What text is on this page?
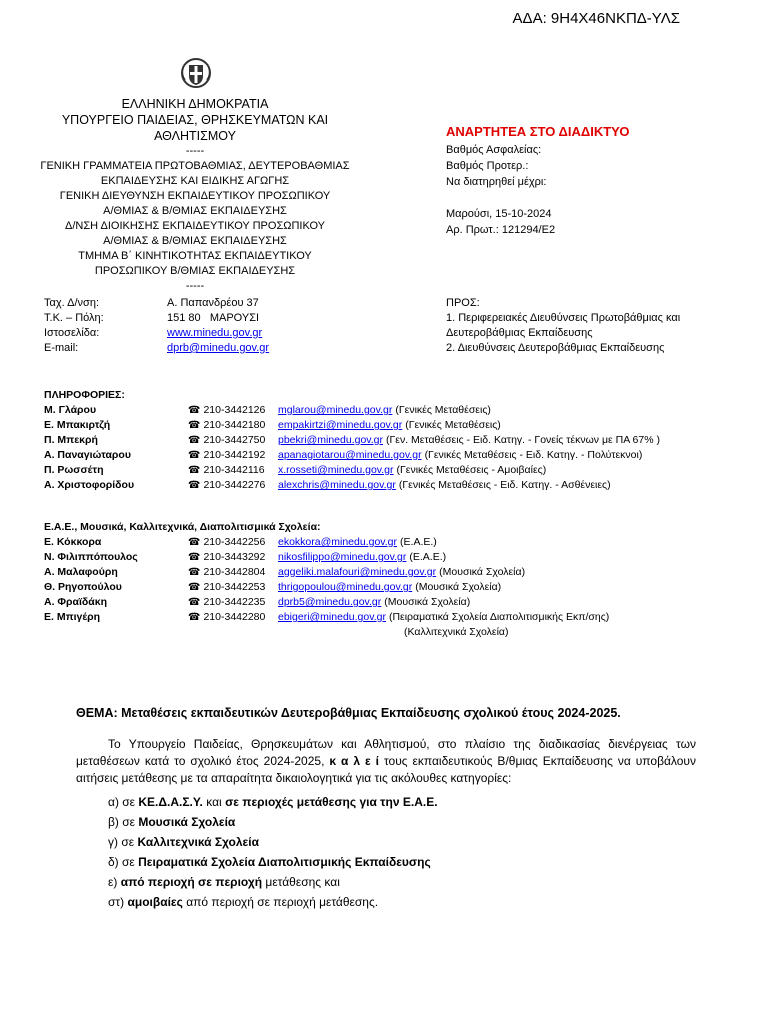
ΑΔΑ: 9Η4Χ46ΝΚΠΔ-ΥΛΣ
ΕΛΛΗΝΙΚΗ ΔΗΜΟΚΡΑΤΙΑ
ΥΠΟΥΡΓΕΙΟ ΠΑΙΔΕΙΑΣ, ΘΡΗΣΚΕΥΜΑΤΩΝ ΚΑΙ
ΑΘΛΗΤΙΣΜΟΥ
-----
ΓΕΝΙΚΗ ΓΡΑΜΜΑΤΕΙΑ ΠΡΩΤΟΒΑΘΜΙΑΣ, ΔΕΥΤΕΡΟΒΑΘΜΙΑΣ
ΕΚΠΑΙΔΕΥΣΗΣ ΚΑΙ ΕΙΔΙΚΗΣ ΑΓΩΓΗΣ
ΓΕΝΙΚΗ ΔΙΕΥΘΥΝΣΗ ΕΚΠΑΙΔΕΥΤΙΚΟΥ ΠΡΟΣΩΠΙΚΟΥ
Α/ΘΜΙΑΣ & Β/ΘΜΙΑΣ ΕΚΠΑΙΔΕΥΣΗΣ
Δ/ΝΣΗ ΔΙΟΙΚΗΣΗΣ ΕΚΠΑΙΔΕΥΤΙΚΟΥ ΠΡΟΣΩΠΙΚΟΥ
Α/ΘΜΙΑΣ & Β/ΘΜΙΑΣ ΕΚΠΑΙΔΕΥΣΗΣ
ΤΜΗΜΑ Β΄ ΚΙΝΗΤΙΚΟΤΗΤΑΣ ΕΚΠΑΙΔΕΥΤΙΚΟΥ
ΠΡΟΣΩΠΙΚΟΥ Β/ΘΜΙΑΣ ΕΚΠΑΙΔΕΥΣΗΣ
-----
ΑΝΑΡΤΗΤΕΑ ΣΤΟ ΔΙΑΔΙΚΤΥΟ
Βαθμός Ασφαλείας:
Βαθμός Προτερ.:
Να διατηρηθεί μέχρι:
Μαρούσι, 15-10-2024
Αρ. Πρωτ.: 121294/Ε2
Ταχ. Δ/νση:	Α. Παπανδρέου 37
Τ.Κ. – Πόλη:	151 80   ΜΑΡΟΥΣΙ
Ιστοσελίδα:	www.minedu.gov.gr
E-mail:	dprb@minedu.gov.gr
ΠΡΟΣ:
1. Περιφερειακές Διευθύνσεις Πρωτοβάθμιας και Δευτεροβάθμιας Εκπαίδευσης
2. Διευθύνσεις Δευτεροβάθμιας Εκπαίδευσης
ΠΛΗΡΟΦΟΡΙΕΣ:
Μ. Γλάρου	☎ 210-3442126	mglarou@minedu.gov.gr (Γενικές Μεταθέσεις)
Ε. Μπακιρτζή	☎ 210-3442180	empakirtzi@minedu.gov.gr (Γενικές Μεταθέσεις)
Π. Μπεκρή	☎ 210-3442750	pbekri@minedu.gov.gr (Γεν. Μεταθέσεις - Ειδ. Κατηγ. - Γονείς τέκνων με ΠΑ 67% )
Α. Παναγιώταρου	☎ 210-3442192	apanagiotarou@minedu.gov.gr (Γενικές Μεταθέσεις - Ειδ. Κατηγ. - Πολύτεκνοι)
Π. Ρωσσέτη	☎ 210-3442116	x.rosseti@minedu.gov.gr (Γενικές Μεταθέσεις - Αμοιβαίες)
Α. Χριστοφορίδου	☎ 210-3442276	alexchris@minedu.gov.gr (Γενικές Μεταθέσεις - Ειδ. Κατηγ. - Ασθένειες)
Ε.Α.Ε., Μουσικά, Καλλιτεχνικά, Διαπολιτισμικά Σχολεία:
Ε. Κόκκορα	☎ 210-3442256	ekokkora@minedu.gov.gr (Ε.Α.Ε.)
Ν. Φιλιππόπουλος	☎ 210-3443292	nikosfilippo@minedu.gov.gr (Ε.Α.Ε.)
Α. Μαλαφούρη	☎ 210-3442804	aggeliki.malafouri@minedu.gov.gr (Μουσικά Σχολεία)
Θ. Ρηγοπούλου	☎ 210-3442253	thrigopoulou@minedu.gov.gr (Μουσικά Σχολεία)
Α. Φραϊδάκη	☎ 210-3442235	dprb5@minedu.gov.gr (Μουσικά Σχολεία)
Ε. Μπιγέρη	☎ 210-3442280	ebigeri@minedu.gov.gr (Πειραματικά Σχολεία Διαπολιτισμικής Εκπ/σης)
(Καλλιτεχνικά Σχολεία)
ΘΕΜΑ: Μεταθέσεις εκπαιδευτικών Δευτεροβάθμιας Εκπαίδευσης σχολικού έτους 2024-2025.
Το Υπουργείο Παιδείας, Θρησκευμάτων και Αθλητισμού, στο πλαίσιο της διαδικασίας διενέργειας των μεταθέσεων κατά το σχολικό έτος 2024-2025, κ α λ ε ί τους εκπαιδευτικούς Β/θμιας Εκπαίδευσης να υποβάλουν αιτήσεις μετάθεσης με τα απαραίτητα δικαιολογητικά για τις ακόλουθες κατηγορίες:
α) σε ΚΕ.Δ.Α.Σ.Υ. και σε περιοχές μετάθεσης για την Ε.Α.Ε.
β) σε Μουσικά Σχολεία
γ) σε Καλλιτεχνικά Σχολεία
δ) σε Πειραματικά Σχολεία Διαπολιτισμικής Εκπαίδευσης
ε) από περιοχή σε περιοχή μετάθεσης και
στ) αμοιβαίες από περιοχή σε περιοχή μετάθεσης.
